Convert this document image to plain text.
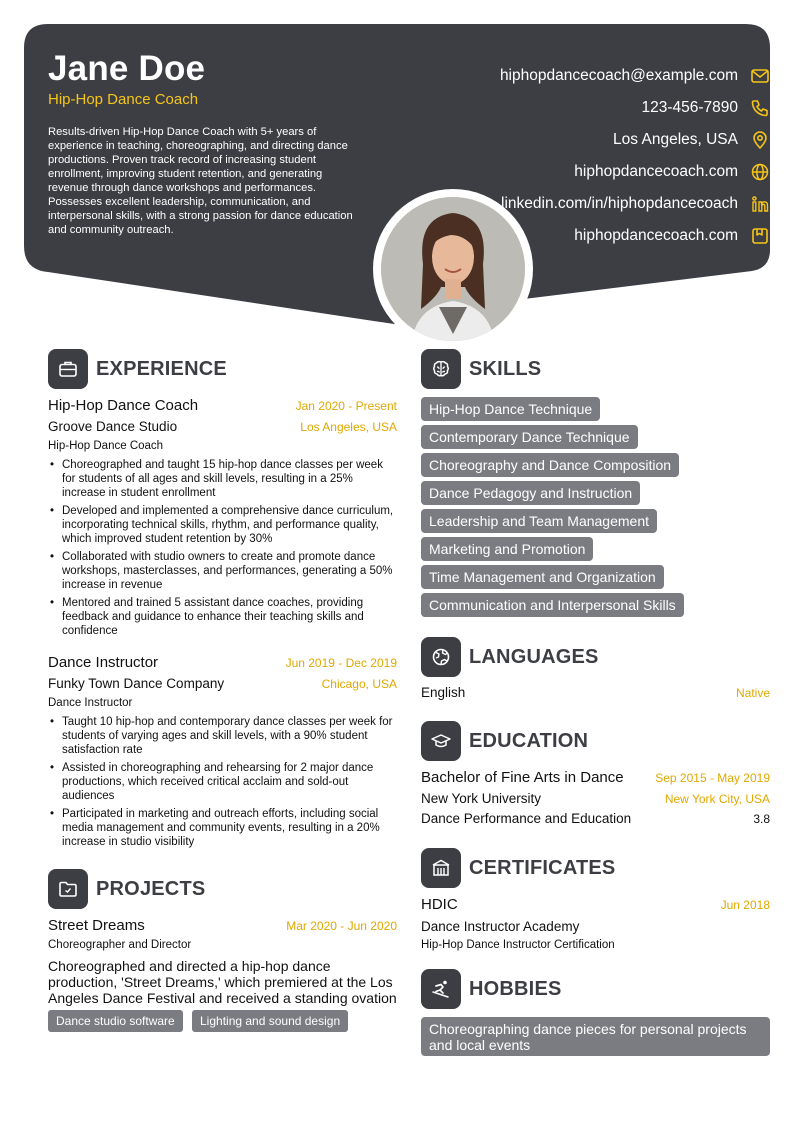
Jane Doe
Hip-Hop Dance Coach
Results-driven Hip-Hop Dance Coach with 5+ years of experience in teaching, choreographing, and directing dance productions. Proven track record of increasing student enrollment, improving student retention, and generating revenue through dance workshops and performances. Possesses excellent leadership, communication, and interpersonal skills, with a strong passion for dance education and community outreach.
hiphopdancecoach@example.com
123-456-7890
Los Angeles, USA
hiphopdancecoach.com
linkedin.com/in/hiphopdancecoach
hiphopdancecoach.com
EXPERIENCE
Hip-Hop Dance Coach	Jan 2020 - Present
Groove Dance Studio	Los Angeles, USA
Hip-Hop Dance Coach
• Choreographed and taught 15 hip-hop dance classes per week for students of all ages and skill levels, resulting in a 25% increase in student enrollment
• Developed and implemented a comprehensive dance curriculum, incorporating technical skills, rhythm, and performance quality, which improved student retention by 30%
• Collaborated with studio owners to create and promote dance workshops, masterclasses, and performances, generating a 50% increase in revenue
• Mentored and trained 5 assistant dance coaches, providing feedback and guidance to enhance their teaching skills and confidence
Dance Instructor	Jun 2019 - Dec 2019
Funky Town Dance Company	Chicago, USA
Dance Instructor
• Taught 10 hip-hop and contemporary dance classes per week for students of varying ages and skill levels, with a 90% student satisfaction rate
• Assisted in choreographing and rehearsing for 2 major dance productions, which received critical acclaim and sold-out audiences
• Participated in marketing and outreach efforts, including social media management and community events, resulting in a 20% increase in studio visibility
PROJECTS
Street Dreams	Mar 2020 - Jun 2020
Choreographer and Director
Choreographed and directed a hip-hop dance production, 'Street Dreams,' which premiered at the Los Angeles Dance Festival and received a standing ovation
Dance studio software	Lighting and sound design
SKILLS
Hip-Hop Dance Technique
Contemporary Dance Technique
Choreography and Dance Composition
Dance Pedagogy and Instruction
Leadership and Team Management
Marketing and Promotion
Time Management and Organization
Communication and Interpersonal Skills
LANGUAGES
English	Native
EDUCATION
Bachelor of Fine Arts in Dance	Sep 2015 - May 2019
New York University	New York City, USA
Dance Performance and Education	3.8
CERTIFICATES
HDIC	Jun 2018
Dance Instructor Academy
Hip-Hop Dance Instructor Certification
HOBBIES
Choreographing dance pieces for personal projects and local events
